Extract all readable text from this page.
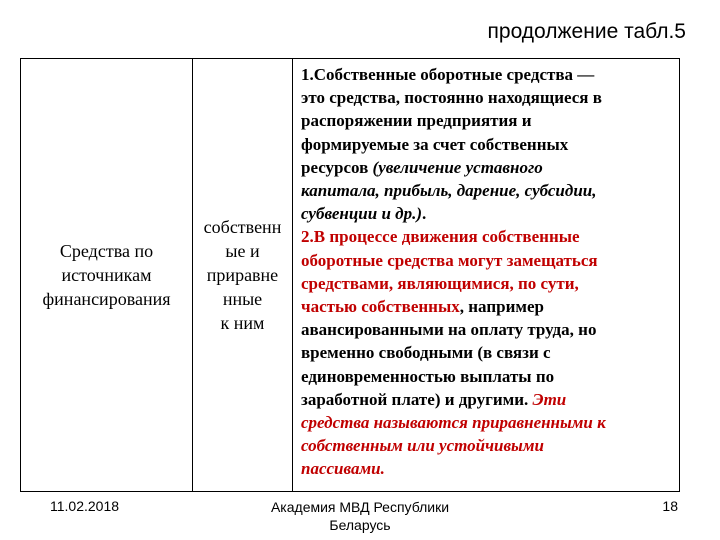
продолжение табл.5
Средства по
источникам
финансирования
собственн
ые и
приравне
нные
к ним
1.Собственные оборотные средства —
это средства, постоянно находящиеся в
распоряжении предприятия и
формируемые за счет собственных
ресурсов (увеличение уставного
капитала, прибыль, дарение, субсидии,
субвенции и др.).
2.В процессе движения собственные
оборотные средства могут замещаться
средствами, являющимися, по сути,
частью собственных, например
авансированными на оплату труда, но
временно свободными (в связи с
единовременностью выплаты по
заработной плате) и другими. Эти
средства называются приравненными к
собственным или устойчивыми
пассивами.
11.02.2018	Академия МВД Республики
Беларусь
18
